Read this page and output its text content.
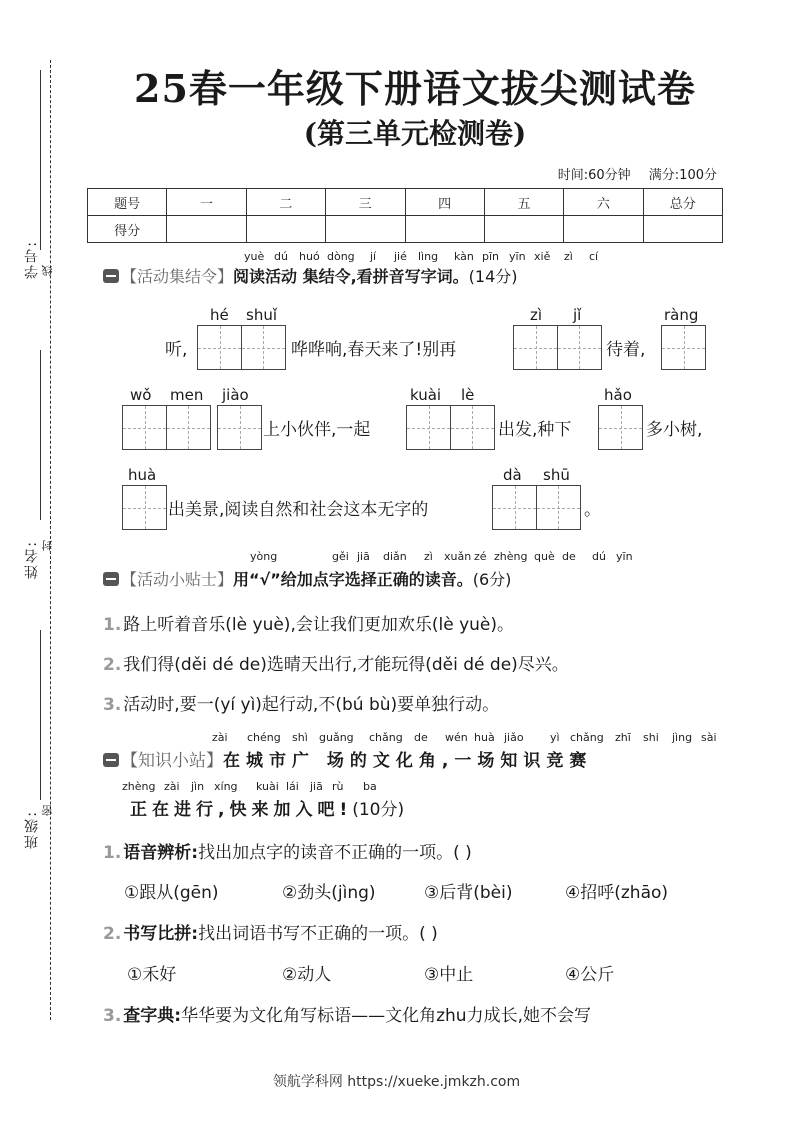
学号: 线
姓名: 封
班级: 密
25春一年级下册语文拔尖测试卷
(第三单元检测卷)
时间:60分钟 满分:100分
题号	一	二	三	四	五	六	总分
得分							
yuè dú huó dòng jí jié lìng kàn pīn yīn xiě zì cí
【活动集结令】阅读活动 集结令,看拼音写字词。(14分)
听,
hé shuǐ
哗哗响,春天来了!别再
zì jǐ
待着,
ràng
wǒ men jiào
上小伙伴,一起
kuài lè
出发,种下
hǎo
多小树,
huà
出美景,阅读自然和社会这本无字的
dà shū
。
yòng	gěi jiā diǎn zì xuǎn zé zhèng què de dú yīn
【活动小贴士】用“√”给加点字选择正确的读音。(6分)
1. 路上听着音乐(lè yuè),会让我们更加欢乐(lè yuè)。
2. 我们得(děi dé de)选晴天出行,才能玩得(děi dé de)尽兴。
3. 活动时,要一(yí yì)起行动,不(bú bù)要单独行动。
zài chéng shì guǎng chǎng de wén huà jiǎo yì chǎng zhī shi jìng sài
【知识小站】在城市广 场的文化角,一场知识竞赛
zhèng zài jìn xíng kuài lái jiā rù ba
正在进行,快来加入吧!(10分)
1. 语音辨析:找出加点字的读音不正确的一项。( )
①跟从(gēn)	②劲头(jìng)	③后背(bèi)	④招呼(zhāo)
2. 书写比拼:找出词语书写不正确的一项。( )
①禾好	②动人	③中止	④公斤
3. 查字典:华华要为文化角写标语——文化角zhu力成长,她不会写
领航学科网 https://xueke.jmkzh.com
